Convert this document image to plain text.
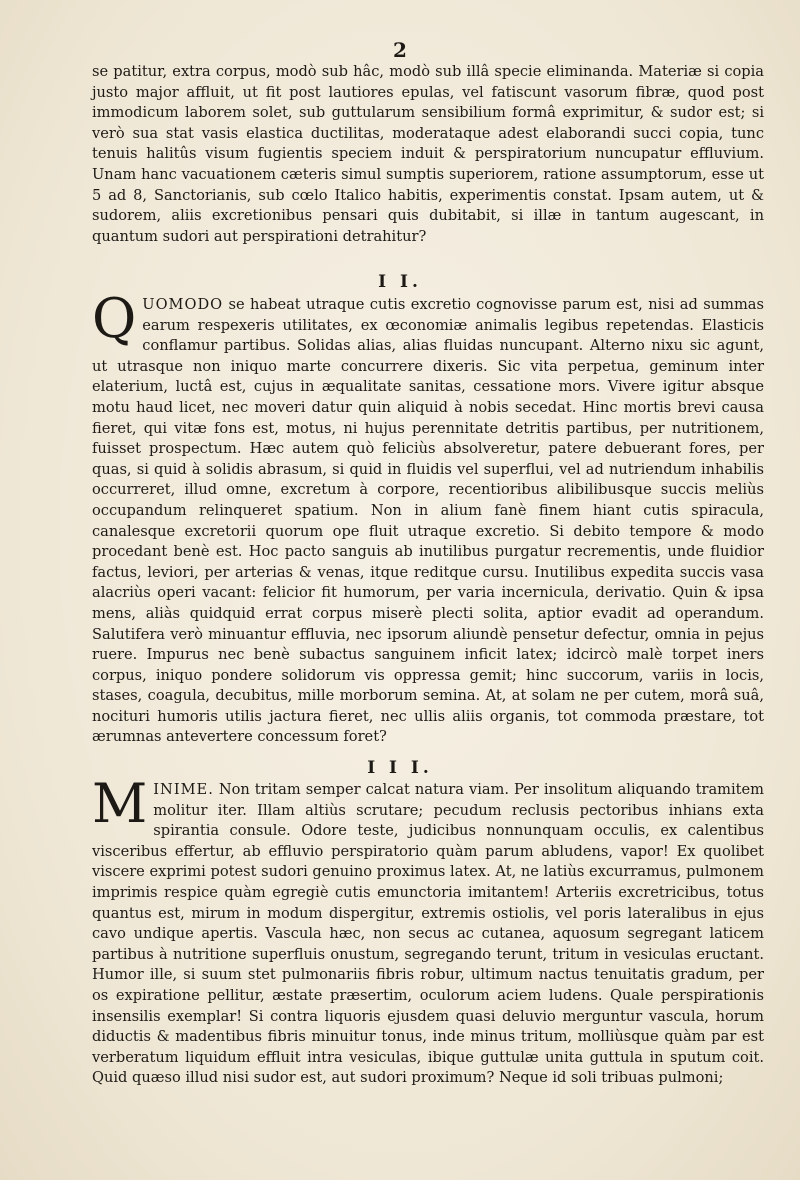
2

se patitur, extra corpus, modò sub hâc, modò sub illâ specie eliminanda. Materiæ si copia justo major affluit, ut fit post lautiores epulas, vel fatiscunt vasorum fibræ, quod post immodicum laborem solet, sub guttularum sensibilium formâ exprimitur, & sudor est; si verò sua stat vasis elastica ductilitas, moderataque adest elaborandi succi copia, tunc tenuis halitûs visum fugientis speciem induit & perspiratorium nuncupatur effluvium. Unam hanc vacuationem cæteris simul sumptis superiorem, ratione assumptorum, esse ut 5 ad 8, Sanctorianis, sub cœlo Italico habitis, experimentis constat. Ipsam autem, ut & sudorem, aliis excretionibus pensari quis dubitabit, si illæ in tantum augescant, in quantum sudori aut perspirationi detrahitur?

I I.

QUOMODO se habeat utraque cutis excretio cognovisse parum est, nisi ad summas earum respexeris utilitates, ex œconomiæ animalis legibus repetendas. Elasticis conflamur partibus. Solidas alias, alias fluidas nuncupant. Alterno nixu sic agunt, ut utrasque non iniquo marte concurrere dixeris. Sic vita perpetua, geminum inter elaterium, luctâ est, cujus in æqualitate sanitas, cessatione mors. Vivere igitur absque motu haud licet, nec moveri datur quin aliquid à nobis secedat. Hinc mortis brevi causa fieret, qui vitæ fons est, motus, ni hujus perennitate detritis partibus, per nutritionem, fuisset prospectum. Hæc autem quò feliciùs absolveretur, patere debuerant fores, per quas, si quid à solidis abrasum, si quid in fluidis vel superflui, vel ad nutriendum inhabilis occurreret, illud omne, excretum à corpore, recentioribus alibilibusque succis meliùs occupandum relinqueret spatium. Non in alium fanè finem hiant cutis spiracula, canalesque excretorii quorum ope fluit utraque excretio. Si debito tempore & modo procedant benè est. Hoc pacto sanguis ab inutilibus purgatur recrementis, unde fluidior factus, leviori, per arterias & venas, itque reditque cursu. Inutilibus expedita succis vasa alacriùs operi vacant: felicior fit humorum, per varia incernicula, derivatio. Quin & ipsa mens, aliàs quidquid errat corpus miserè plecti solita, aptior evadit ad operandum. Salutifera verò minuantur effluvia, nec ipsorum aliundè pensetur defectur, omnia in pejus ruere. Impurus nec benè subactus sanguinem inficit latex; idcircò malè torpet iners corpus, iniquo pondere solidorum vis oppressa gemit; hinc succorum, variis in locis, stases, coagula, decubitus, mille morborum semina. At, at solam ne per cutem, morâ suâ, nocituri humoris utilis jactura fieret, nec ullis aliis organis, tot commoda præstare, tot ærumnas antevertere concessum foret?

I I I.

MINIME. Non tritam semper calcat natura viam. Per insolitum aliquando tramitem molitur iter. Illam altiùs scrutare; pecudum reclusis pectoribus inhians exta spirantia consule. Odore teste, judicibus nonnunquam occulis, ex calentibus visceribus effertur, ab effluvio perspiratorio quàm parum abludens, vapor! Ex quolibet viscere exprimi potest sudori genuino proximus latex. At, ne latiùs excurramus, pulmonem imprimis respice quàm egregiè cutis emunctoria imitantem! Arteriis excretricibus, totus quantus est, mirum in modum dispergitur, extremis ostiolis, vel poris lateralibus in ejus cavo undique apertis. Vascula hæc, non secus ac cutanea, aquosum segregant laticem partibus à nutritione superfluis onustum, segregando terunt, tritum in vesiculas eructant. Humor ille, si suum stet pulmonariis fibris robur, ultimum nactus tenuitatis gradum, per os expiratione pellitur, æstate præsertim, oculorum aciem ludens. Quale perspirationis insensilis exemplar! Si contra liquoris ejusdem quasi deluvio merguntur vascula, horum diductis & madentibus fibris minuitur tonus, inde minus tritum, molliùsque quàm par est verberatum liquidum effluit intra vesiculas, ibique guttulæ unita guttula in sputum coit. Quid quæso illud nisi sudor est, aut sudori proximum? Neque id soli tribuas pulmoni;
